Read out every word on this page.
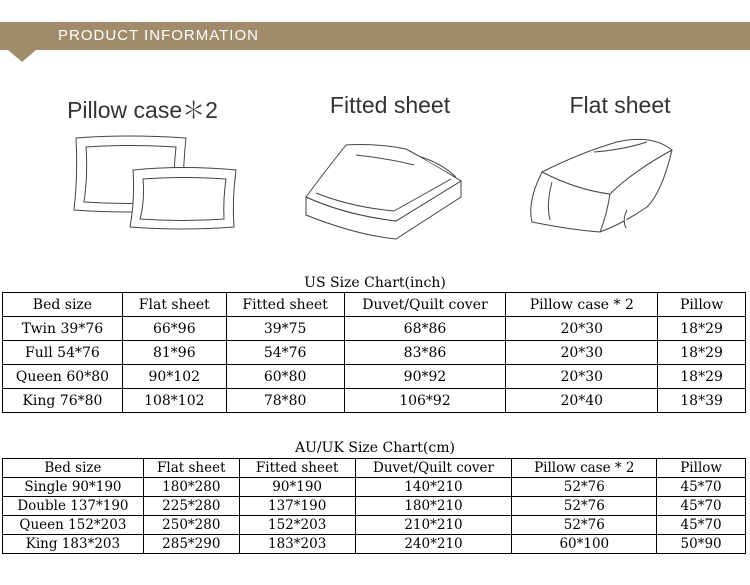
PRODUCT INFORMATION
Pillow case＊2	Fitted sheet	Flat sheet
US Size Chart(inch)
Bed size	Flat sheet	Fitted sheet	Duvet/Quilt cover	Pillow case * 2	Pillow
Twin 39*76	66*96	39*75	68*86	20*30	18*29
Full 54*76	81*96	54*76	83*86	20*30	18*29
Queen 60*80	90*102	60*80	90*92	20*30	18*29
King 76*80	108*102	78*80	106*92	20*40	18*39
AU/UK Size Chart(cm)
Bed size	Flat sheet	Fitted sheet	Duvet/Quilt cover	Pillow case * 2	Pillow
Single 90*190	180*280	90*190	140*210	52*76	45*70
Double 137*190	225*280	137*190	180*210	52*76	45*70
Queen 152*203	250*280	152*203	210*210	52*76	45*70
King 183*203	285*290	183*203	240*210	60*100	50*90
